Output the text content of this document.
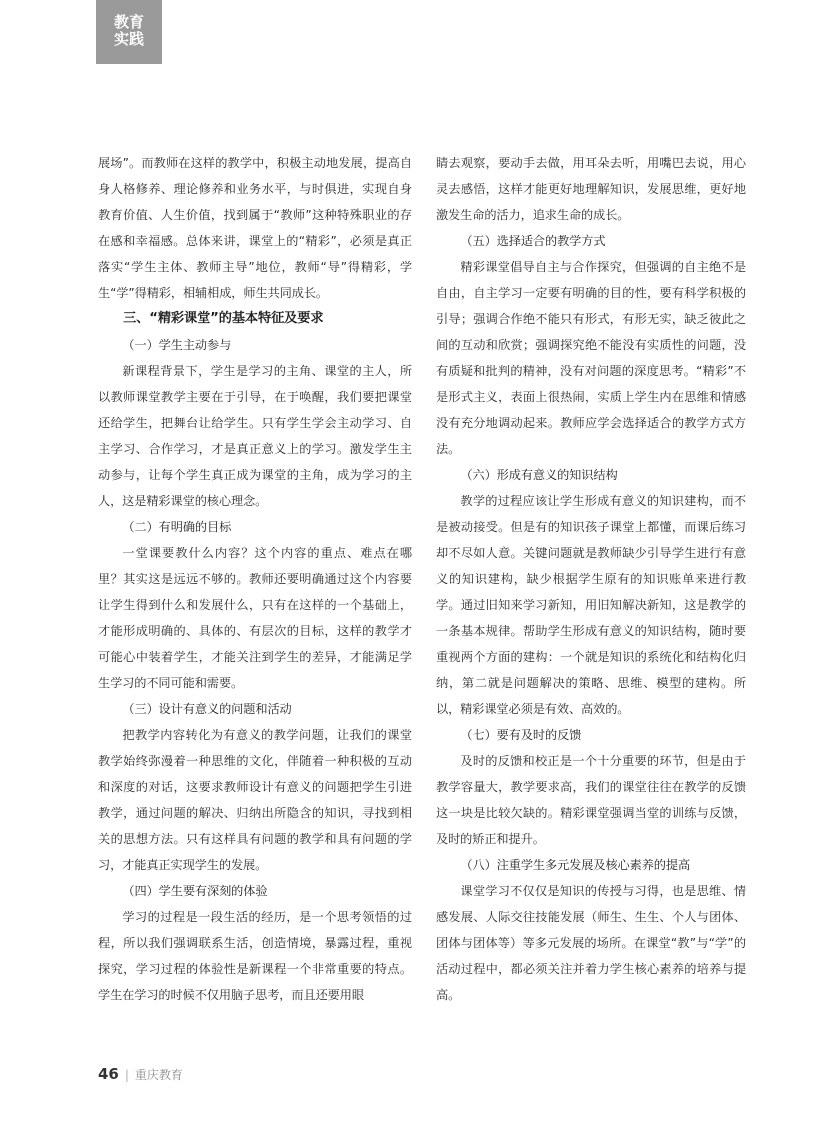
教育
实践

展场”。而教师在这样的教学中，积极主动地发展，提高自身人格修养、理论修养和业务水平，与时俱进，实现自身教育价值、人生价值，找到属于“教师”这种特殊职业的存在感和幸福感。总体来讲，课堂上的“精彩”，必须是真正落实“学生主体、教师主导”地位，教师“导”得精彩，学生“学”得精彩，相辅相成，师生共同成长。

三、“精彩课堂”的基本特征及要求

（一）学生主动参与

新课程背景下，学生是学习的主角、课堂的主人，所以教师课堂教学主要在于引导，在于唤醒，我们要把课堂还给学生，把舞台让给学生。只有学生学会主动学习、自主学习、合作学习，才是真正意义上的学习。激发学生主动参与，让每个学生真正成为课堂的主角，成为学习的主人，这是精彩课堂的核心理念。

（二）有明确的目标

一堂课要教什么内容？这个内容的重点、难点在哪里？其实这是远远不够的。教师还要明确通过这个内容要让学生得到什么和发展什么，只有在这样的一个基础上，才能形成明确的、具体的、有层次的目标，这样的教学才可能心中装着学生，才能关注到学生的差异，才能满足学生学习的不同可能和需要。

（三）设计有意义的问题和活动

把教学内容转化为有意义的教学问题，让我们的课堂教学始终弥漫着一种思维的文化，伴随着一种积极的互动和深度的对话，这要求教师设计有意义的问题把学生引进教学，通过问题的解决、归纳出所隐含的知识，寻找到相关的思想方法。只有这样具有问题的教学和具有问题的学习，才能真正实现学生的发展。

（四）学生要有深刻的体验

学习的过程是一段生活的经历，是一个思考领悟的过程，所以我们强调联系生活，创造情境，暴露过程，重视探究，学习过程的体验性是新课程一个非常重要的特点。学生在学习的时候不仅用脑子思考，而且还要用眼

睛去观察，要动手去做，用耳朵去听，用嘴巴去说，用心灵去感悟，这样才能更好地理解知识，发展思维，更好地激发生命的活力，追求生命的成长。

（五）选择适合的教学方式

精彩课堂倡导自主与合作探究，但强调的自主绝不是自由，自主学习一定要有明确的目的性，要有科学积极的引导；强调合作绝不能只有形式，有形无实，缺乏彼此之间的互动和欣赏；强调探究绝不能没有实质性的问题，没有质疑和批判的精神，没有对问题的深度思考。“精彩”不是形式主义，表面上很热闹，实质上学生内在思维和情感没有充分地调动起来。教师应学会选择适合的教学方式方法。

（六）形成有意义的知识结构

教学的过程应该让学生形成有意义的知识建构，而不是被动接受。但是有的知识孩子课堂上都懂，而课后练习却不尽如人意。关键问题就是教师缺少引导学生进行有意义的知识建构，缺少根据学生原有的知识账单来进行教学。通过旧知来学习新知，用旧知解决新知，这是教学的一条基本规律。帮助学生形成有意义的知识结构，随时要重视两个方面的建构：一个就是知识的系统化和结构化归纳，第二就是问题解决的策略、思维、模型的建构。所以，精彩课堂必须是有效、高效的。

（七）要有及时的反馈

及时的反馈和校正是一个十分重要的环节，但是由于教学容量大，教学要求高，我们的课堂往往在教学的反馈这一块是比较欠缺的。精彩课堂强调当堂的训练与反馈，及时的矫正和提升。

（八）注重学生多元发展及核心素养的提高

课堂学习不仅仅是知识的传授与习得，也是思维、情感发展、人际交往技能发展（师生、生生、个人与团体、团体与团体等）等多元发展的场所。在课堂“教”与“学”的活动过程中，都必须关注并着力学生核心素养的培养与提高。

46 | 重庆教育
